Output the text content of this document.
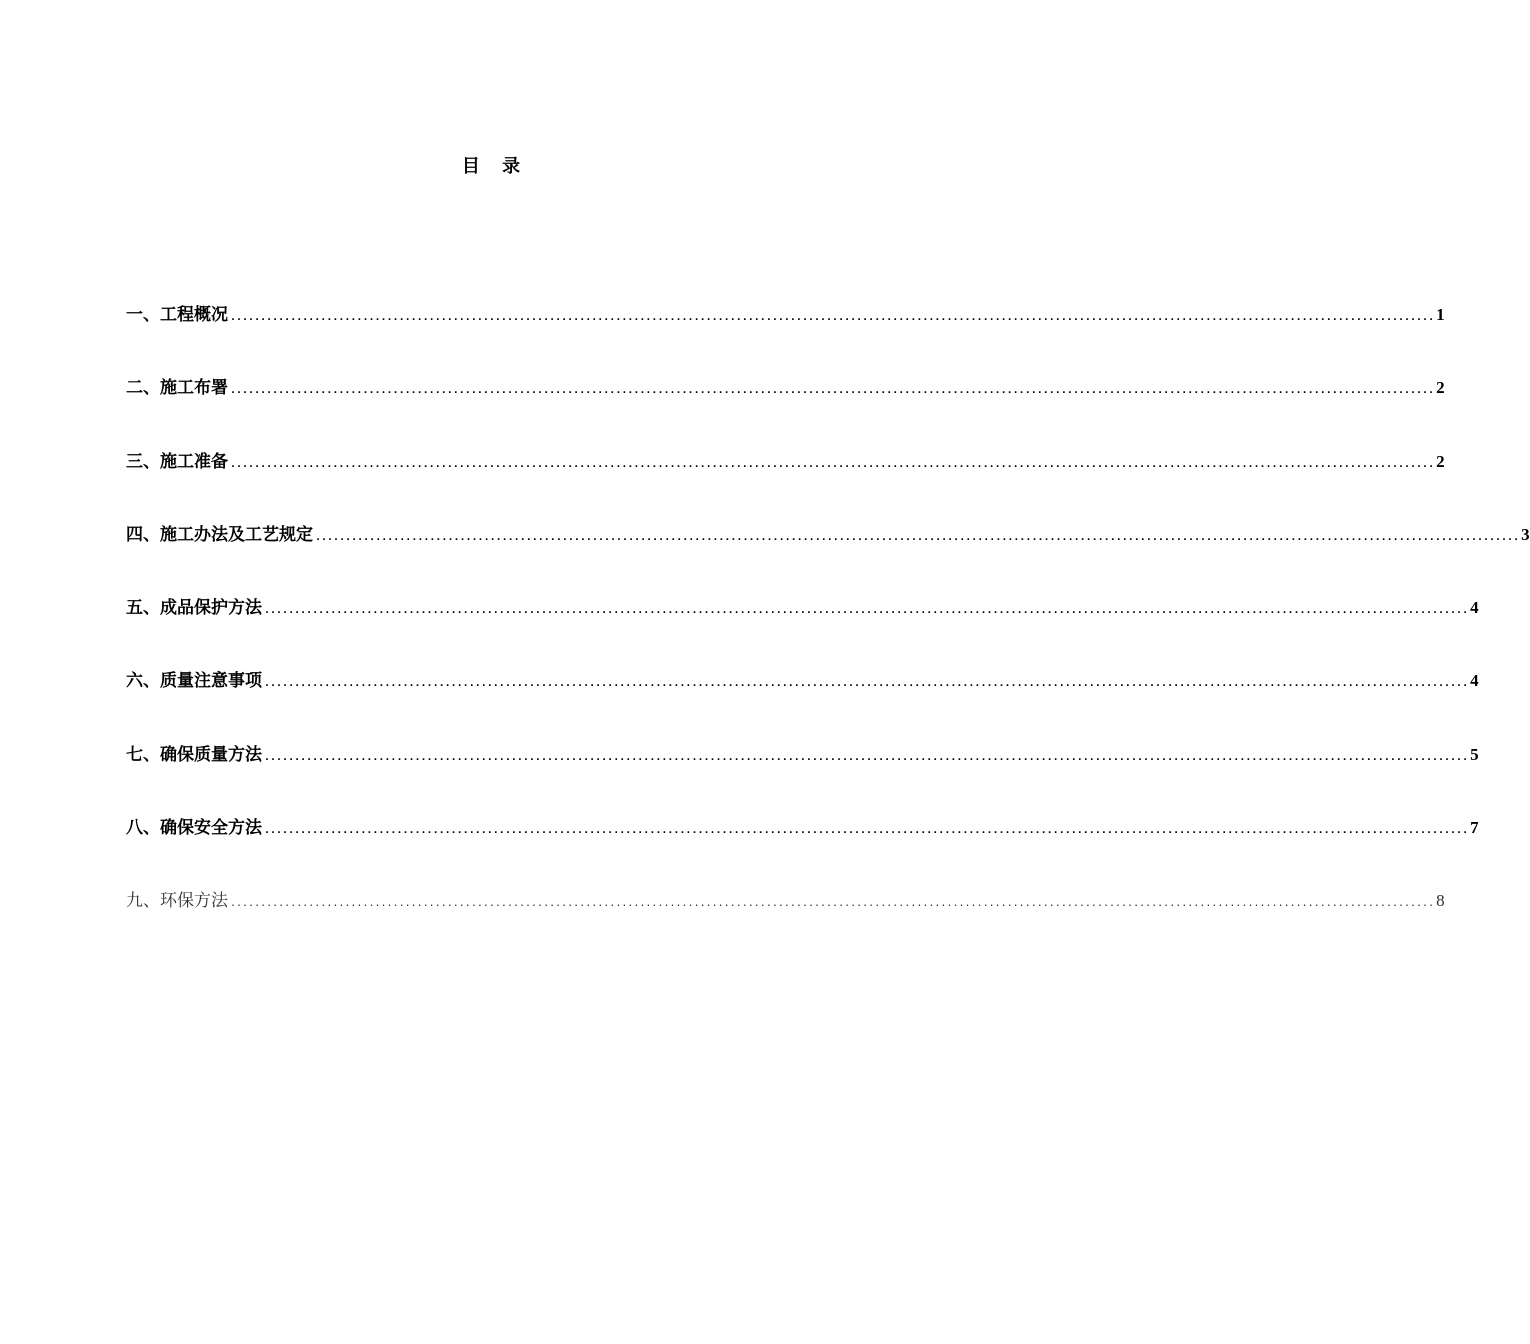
目 录
一、工程概况 ........................................................................................................................................................................................................ 1
二、施工布署 ........................................................................................................................................................................................................ 2
三、施工准备 ........................................................................................................................................................................................................ 2
四、施工办法及工艺规定 ........................................................................................................................................................................................................ 3
五、成品保护方法 ........................................................................................................................................................................................................ 4
六、质量注意事项 ........................................................................................................................................................................................................ 4
七、确保质量方法 ........................................................................................................................................................................................................ 5
八、确保安全方法 ........................................................................................................................................................................................................ 7
九、环保方法 ........................................................................................................................................................................................................ 8
